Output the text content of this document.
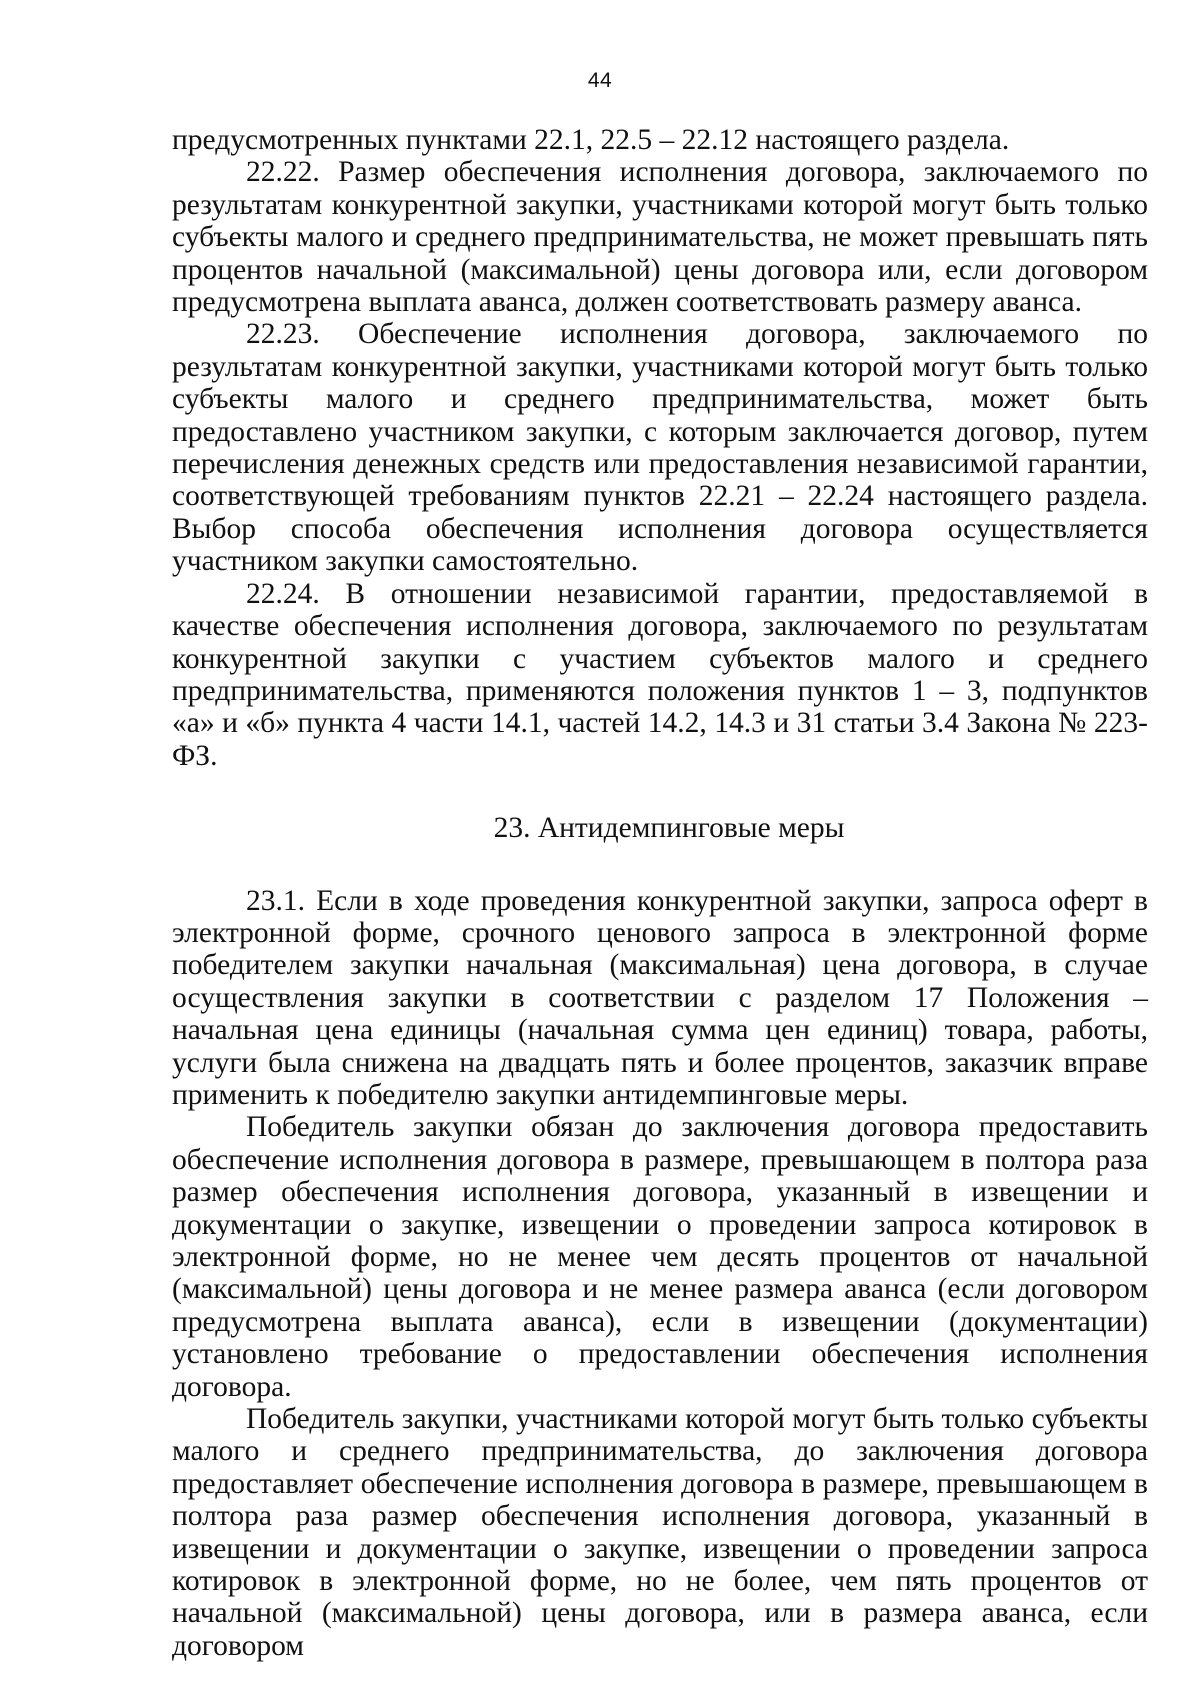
44

предусмотренных пунктами 22.1, 22.5 – 22.12 настоящего раздела.

22.22. Размер обеспечения исполнения договора, заключаемого по результатам конкурентной закупки, участниками которой могут быть только субъекты малого и среднего предпринимательства, не может превышать пять процентов начальной (максимальной) цены договора или, если договором предусмотрена выплата аванса, должен соответствовать размеру аванса.

22.23. Обеспечение исполнения договора, заключаемого по результатам конкурентной закупки, участниками которой могут быть только субъекты малого и среднего предпринимательства, может быть предоставлено участником закупки, с которым заключается договор, путем перечисления денежных средств или предоставления независимой гарантии, соответствующей требованиям пунктов 22.21 – 22.24 настоящего раздела. Выбор способа обеспечения исполнения договора осуществляется участником закупки самостоятельно.

22.24. В отношении независимой гарантии, предоставляемой в качестве обеспечения исполнения договора, заключаемого по результатам конкурентной закупки с участием субъектов малого и среднего предпринимательства, применяются положения пунктов 1 – 3, подпунктов «а» и «б» пункта 4 части 14.1, частей 14.2, 14.3 и 31 статьи 3.4 Закона № 223-ФЗ.

23. Антидемпинговые меры

23.1. Если в ходе проведения конкурентной закупки, запроса оферт в электронной форме, срочного ценового запроса в электронной форме победителем закупки начальная (максимальная) цена договора, в случае осуществления закупки в соответствии с разделом 17 Положения – начальная цена единицы (начальная сумма цен единиц) товара, работы, услуги была снижена на двадцать пять и более процентов, заказчик вправе применить к победителю закупки антидемпинговые меры.

Победитель закупки обязан до заключения договора предоставить обеспечение исполнения договора в размере, превышающем в полтора раза размер обеспечения исполнения договора, указанный в извещении и документации о закупке, извещении о проведении запроса котировок в электронной форме, но не менее чем десять процентов от начальной (максимальной) цены договора и не менее размера аванса (если договором предусмотрена выплата аванса), если в извещении (документации) установлено требование о предоставлении обеспечения исполнения договора.

Победитель закупки, участниками которой могут быть только субъекты малого и среднего предпринимательства, до заключения договора предоставляет обеспечение исполнения договора в размере, превышающем в полтора раза размер обеспечения исполнения договора, указанный в извещении и документации о закупке, извещении о проведении запроса котировок в электронной форме, но не более, чем пять процентов от начальной (максимальной) цены договора, или в размера аванса, если договором
